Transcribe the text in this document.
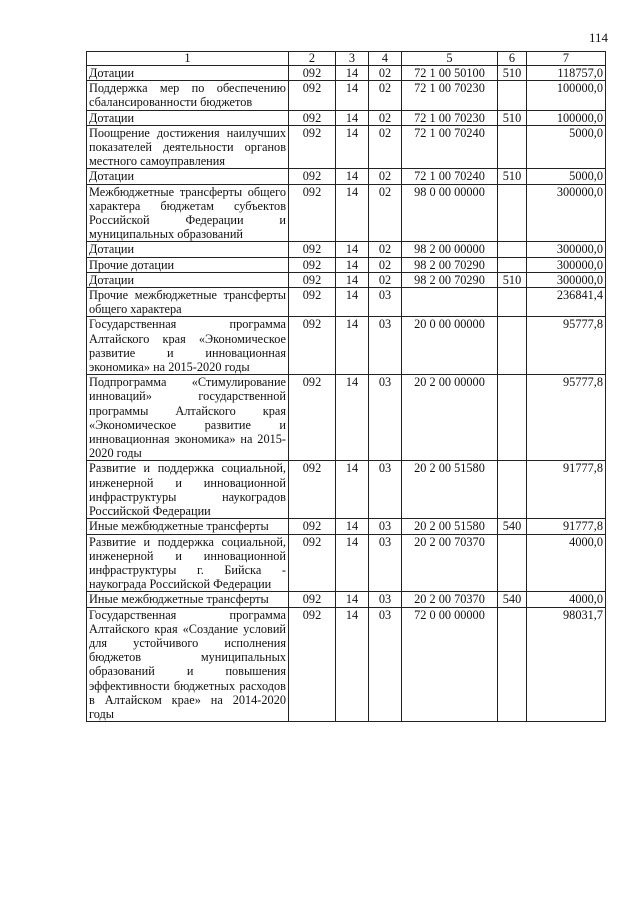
114
1	2	3	4	5	6	7
Дотации	092	14	02	72 1 00 50100	510	118757,0
Поддержка мер по обеспечению сбалансированности бюджетов	092	14	02	72 1 00 70230		100000,0
Дотации	092	14	02	72 1 00 70230	510	100000,0
Поощрение достижения наилучших показателей деятельности органов местного самоуправления	092	14	02	72 1 00 70240		5000,0
Дотации	092	14	02	72 1 00 70240	510	5000,0
Межбюджетные трансферты общего характера бюджетам субъектов Российской Федерации и муниципальных образований	092	14	02	98 0 00 00000		300000,0
Дотации	092	14	02	98 2 00 00000		300000,0
Прочие дотации	092	14	02	98 2 00 70290		300000,0
Дотации	092	14	02	98 2 00 70290	510	300000,0
Прочие межбюджетные трансферты общего характера	092	14	03			236841,4
Государственная программа Алтайского края «Экономическое развитие и инновационная экономика» на 2015-2020 годы	092	14	03	20 0 00 00000		95777,8
Подпрограмма «Стимулирование инноваций» государственной программы Алтайского края «Экономическое развитие и инновационная экономика» на 2015-2020 годы	092	14	03	20 2 00 00000		95777,8
Развитие и поддержка социальной, инженерной и инновационной инфраструктуры наукоградов Российской Федерации	092	14	03	20 2 00 51580		91777,8
Иные межбюджетные трансферты	092	14	03	20 2 00 51580	540	91777,8
Развитие и поддержка социальной, инженерной и инновационной инфраструктуры г. Бийска - наукограда Российской Федерации	092	14	03	20 2 00 70370		4000,0
Иные межбюджетные трансферты	092	14	03	20 2 00 70370	540	4000,0
Государственная программа Алтайского края «Создание условий для устойчивого исполнения бюджетов муниципальных образований и повышения эффективности бюджетных расходов в Алтайском крае» на 2014-2020 годы	092	14	03	72 0 00 00000		98031,7
